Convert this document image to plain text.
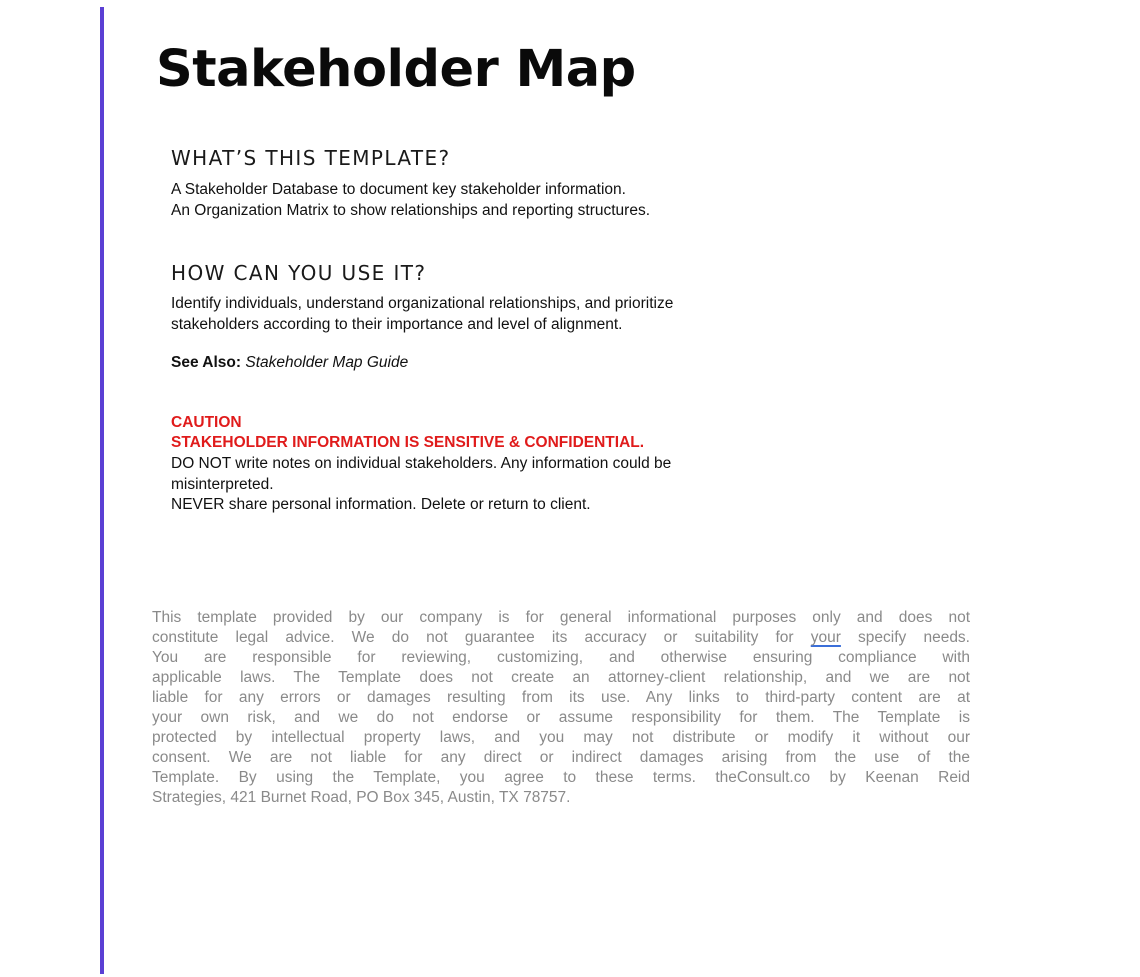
Stakeholder Map
WHAT’S THIS TEMPLATE?

A Stakeholder Database to document key stakeholder information.
An Organization Matrix to show relationships and reporting structures.

HOW CAN YOU USE IT?

Identify individuals, understand organizational relationships, and prioritize
stakeholders according to their importance and level of alignment.

See Also: Stakeholder Map Guide

CAUTION

STAKEHOLDER INFORMATION IS SENSITIVE & CONFIDENTIAL.

DO NOT write notes on individual stakeholders. Any information could be
misinterpreted.
NEVER share personal information. Delete or return to client.

This template provided by our company is for general informational purposes only and does not
constitute legal advice. We do not guarantee its accuracy or suitability for your specify needs.
You are responsible for reviewing, customizing, and otherwise ensuring compliance with
applicable laws. The Template does not create an attorney-client relationship, and we are not
liable for any errors or damages resulting from its use. Any links to third-party content are at
your own risk, and we do not endorse or assume responsibility for them. The Template is
protected by intellectual property laws, and you may not distribute or modify it without our
consent. We are not liable for any direct or indirect damages arising from the use of the
Template. By using the Template, you agree to these terms. theConsult.co by Keenan Reid
Strategies, 421 Burnet Road, PO Box 345, Austin, TX 78757.
